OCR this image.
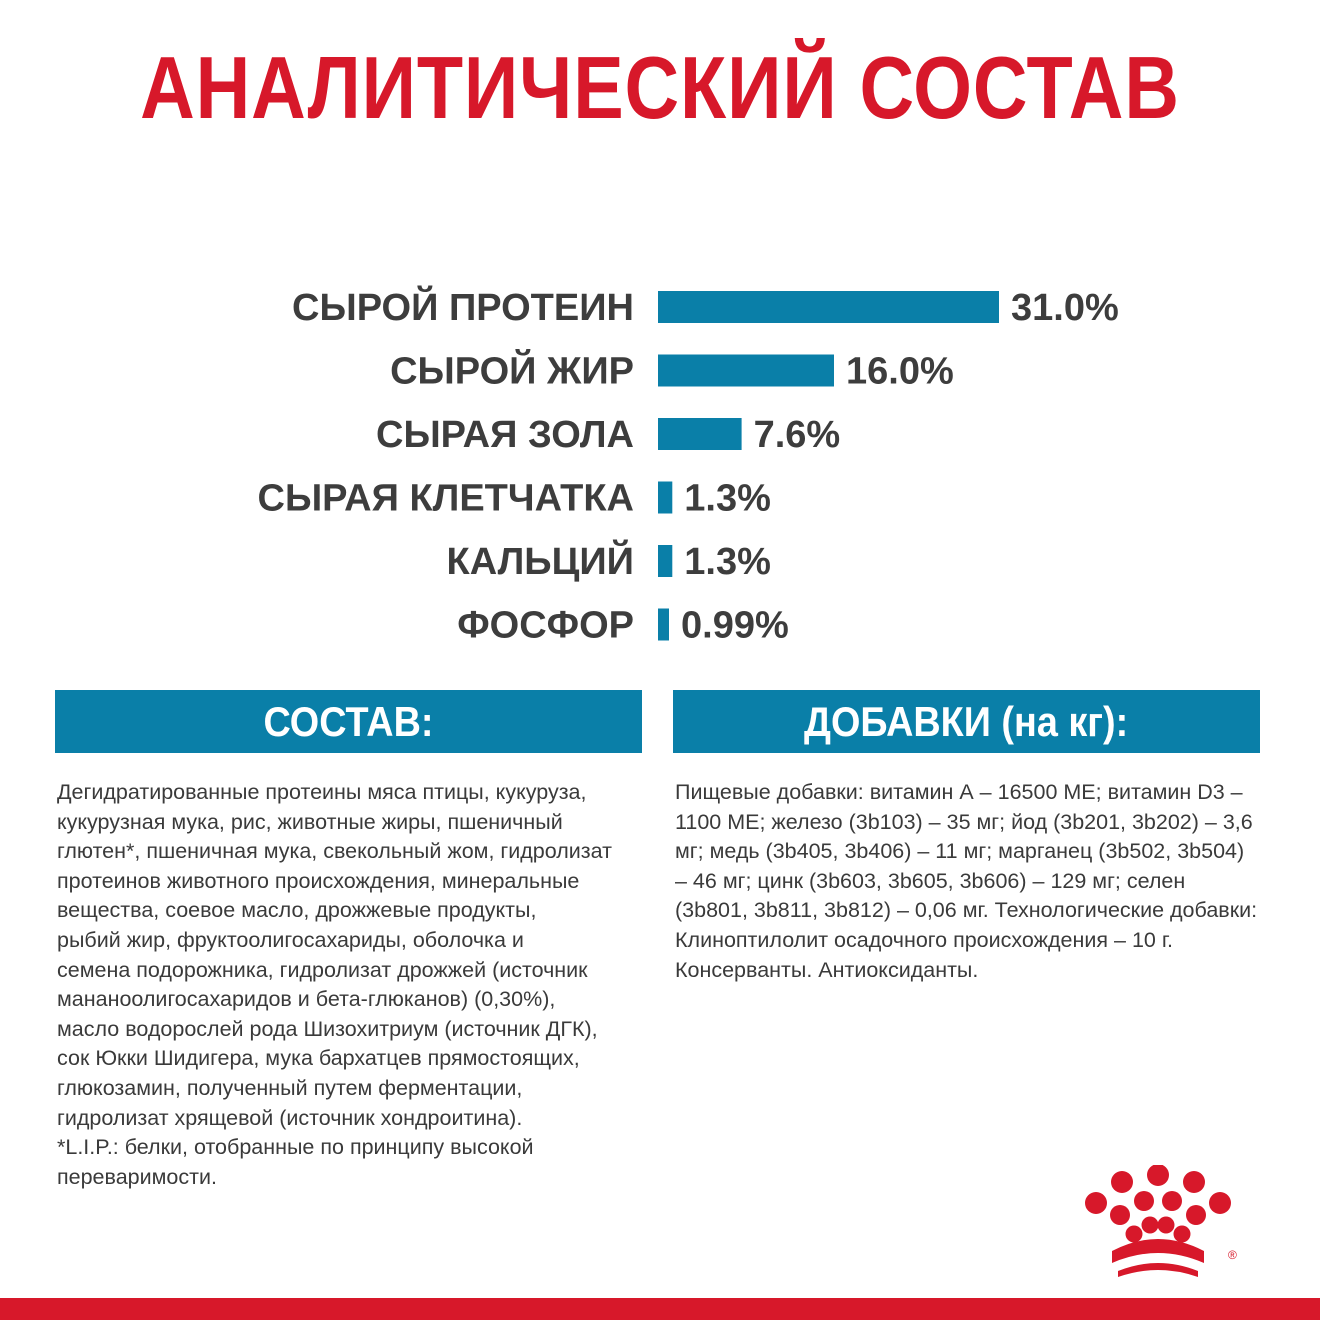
АНАЛИТИЧЕСКИЙ СОСТАВ
СЫРОЙ ПРОТЕИН	31.0%
СЫРОЙ ЖИР	16.0%
СЫРАЯ ЗОЛА	7.6%
СЫРАЯ КЛЕТЧАТКА 1.3%
КАЛЬЦИЙ 1.3%
ФОСФОР 0.99%
СОСТАВ:	ДОБАВКИ (на кг):
Дегидратированные протеины мяса птицы, кукуруза,
кукурузная мука, рис, животные жиры, пшеничный
глютен*, пшеничная мука, свекольный жом, гидролизат
протеинов животного происхождения, минеральные
вещества, соевое масло, дрожжевые продукты,
рыбий жир, фруктоолигосахариды, оболочка и
семена подорожника, гидролизат дрожжей (источник
мананоолигосахаридов и бета-глюканов) (0,30%),
масло водорослей рода Шизохитриум (источник ДГК),
сок Юкки Шидигера, мука бархатцев прямостоящих,
глюкозамин, полученный путем ферментации,
гидролизат хрящевой (источник хондроитина).
*L.I.P.: белки, отобранные по принципу высокой
переваримости.
Пищевые добавки: витамин А – 16500 МЕ; витамин D3 –
1100 МЕ; железо (3b103) – 35 мг; йод (3b201, 3b202) – 3,6
мг; медь (3b405, 3b406) – 11 мг; марганец (3b502, 3b504)
– 46 мг; цинк (3b603, 3b605, 3b606) – 129 мг; селен
(3b801, 3b811, 3b812) – 0,06 мг. Технологические добавки:
Клиноптилолит осадочного происхождения – 10 г.
Консерванты. Антиоксиданты.
®
